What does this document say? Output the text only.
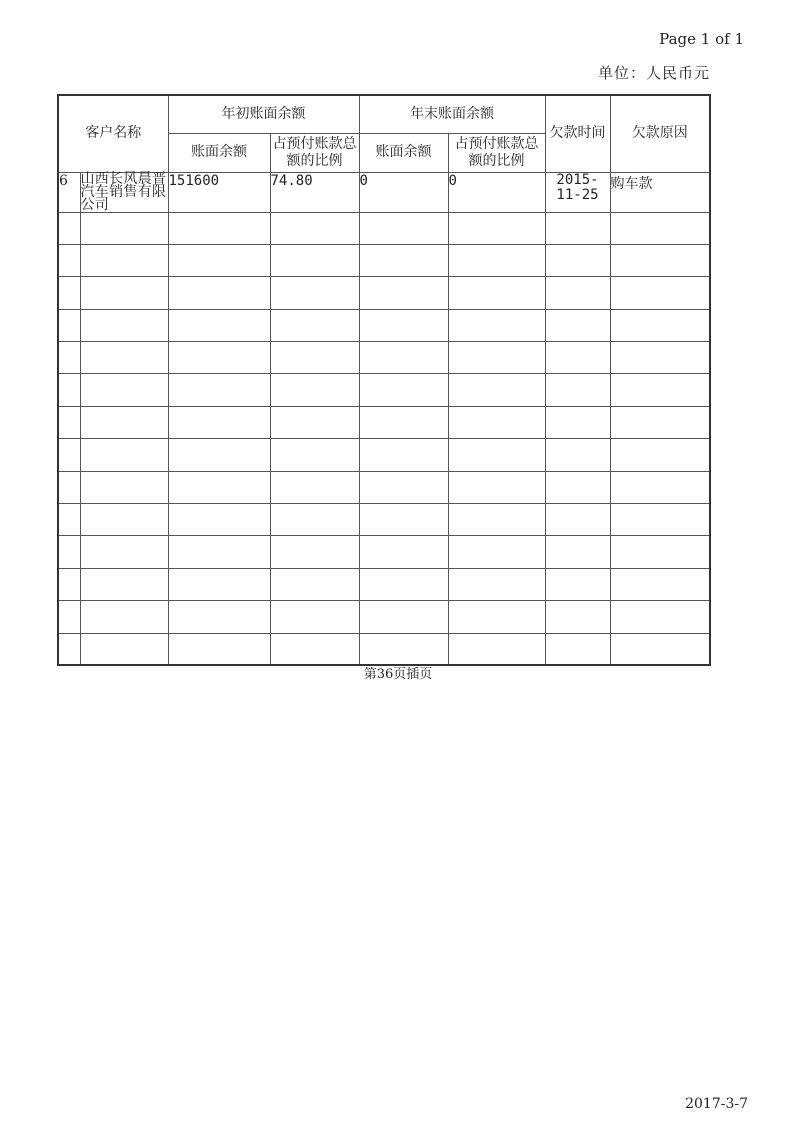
Page 1 of 1
单位：人民币元
客户名称		年初账面余额		年末账面余额		欠款时间	欠款原因
		账面余额	占预付账款总额的比例	账面余额	占预付账款总额的比例		
6	山西长风晨晋汽车销售有限公司	151600	74.80	0	0	2015-11-25	购车款

第36页插页
2017-3-7
